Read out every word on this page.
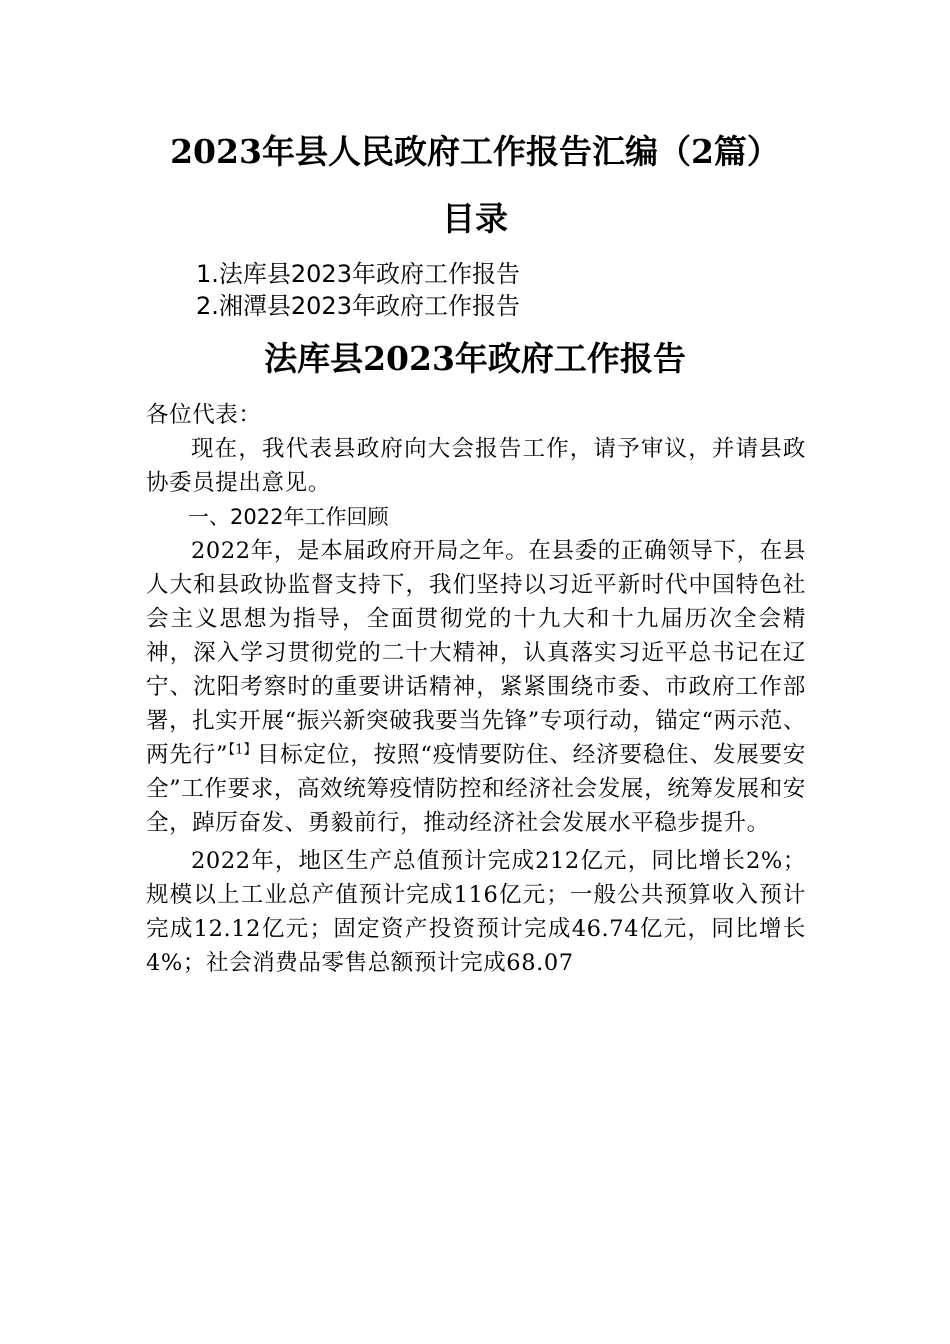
2023年县人民政府工作报告汇编（2篇）
目录
1.法库县2023年政府工作报告
2.湘潭县2023年政府工作报告
法库县2023年政府工作报告

各位代表：

现在，我代表县政府向大会报告工作，请予审议，并请县政协委员提出意见。

一、2022年工作回顾

2022年，是本届政府开局之年。在县委的正确领导下，在县人大和县政协监督支持下，我们坚持以习近平新时代中国特色社会主义思想为指导，全面贯彻党的十九大和十九届历次全会精神，深入学习贯彻党的二十大精神，认真落实习近平总书记在辽宁、沈阳考察时的重要讲话精神，紧紧围绕市委、市政府工作部署，扎实开展“振兴新突破我要当先锋”专项行动，锚定“两示范、两先行”$^{【1】}$目标定位，按照“疫情要防住、经济要稳住、发展要安全”工作要求，高效统筹疫情防控和经济社会发展，统筹发展和安全，踔厉奋发、勇毅前行，推动经济社会发展水平稳步提升。

2022年，地区生产总值预计完成212亿元，同比增长2%；规模以上工业总产值预计完成116亿元；一般公共预算收入预计完成12.12亿元；固定资产投资预计完成46.74亿元，同比增长4%；社会消费品零售总额预计完成68.07
